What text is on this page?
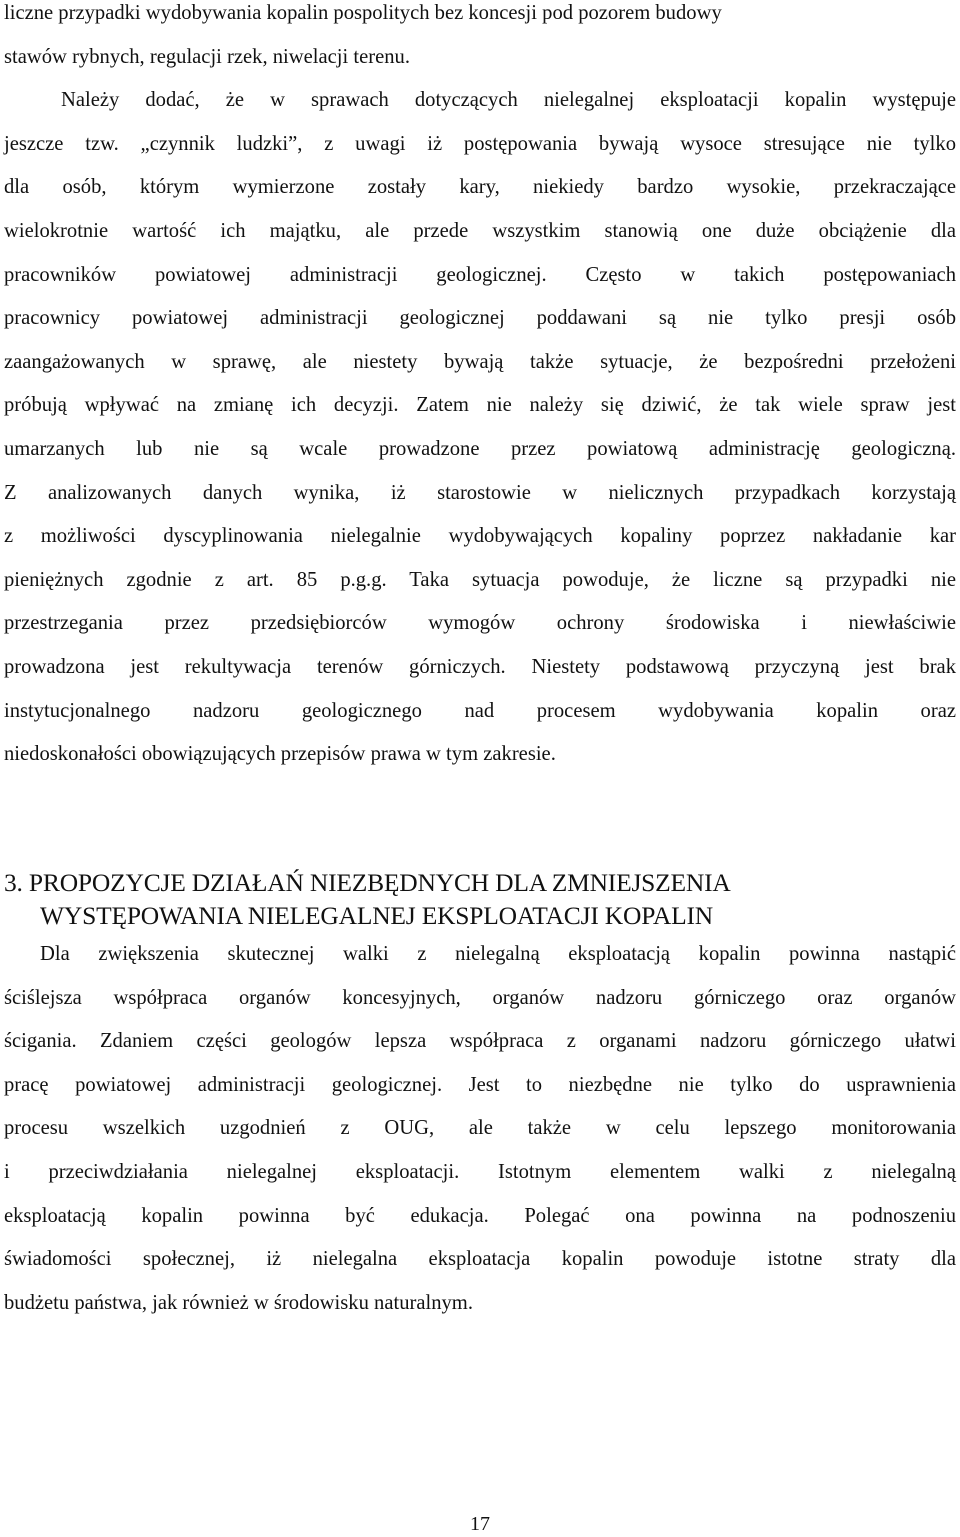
liczne przypadki wydobywania kopalin pospolitych bez koncesji pod pozorem budowy
stawów rybnych, regulacji rzek, niwelacji terenu.
Należy dodać, że w sprawach dotyczących nielegalnej eksploatacji kopalin występuje
jeszcze tzw. „czynnik ludzki”, z uwagi iż postępowania bywają wysoce stresujące nie tylko
dla osób, którym wymierzone zostały kary, niekiedy bardzo wysokie, przekraczające
wielokrotnie wartość ich majątku, ale przede wszystkim stanowią one duże obciążenie dla
pracowników powiatowej administracji geologicznej. Często w takich postępowaniach
pracownicy powiatowej administracji geologicznej poddawani są nie tylko presji osób
zaangażowanych w sprawę, ale niestety bywają także sytuacje, że bezpośredni przełożeni
próbują wpływać na zmianę ich decyzji. Zatem nie należy się dziwić, że tak wiele spraw jest
umarzanych lub nie są wcale prowadzone przez powiatową administrację geologiczną.
Z analizowanych danych wynika, iż starostowie w nielicznych przypadkach korzystają
z możliwości dyscyplinowania nielegalnie wydobywających kopaliny poprzez nakładanie kar
pieniężnych zgodnie z art. 85 p.g.g. Taka sytuacja powoduje, że liczne są przypadki nie
przestrzegania przez przedsiębiorców wymogów ochrony środowiska i niewłaściwie
prowadzona jest rekultywacja terenów górniczych. Niestety podstawową przyczyną jest brak
instytucjonalnego nadzoru geologicznego nad procesem wydobywania kopalin oraz
niedoskonałości obowiązujących przepisów prawa w tym zakresie.

3. PROPOZYCJE DZIAŁAŃ NIEZBĘDNYCH DLA ZMNIEJSZENIA
WYSTĘPOWANIA NIELEGALNEJ EKSPLOATACJI KOPALIN

Dla zwiększenia skutecznej walki z nielegalną eksploatacją kopalin powinna nastąpić
ściślejsza współpraca organów koncesyjnych, organów nadzoru górniczego oraz organów
ścigania. Zdaniem części geologów lepsza współpraca z organami nadzoru górniczego ułatwi
pracę powiatowej administracji geologicznej. Jest to niezbędne nie tylko do usprawnienia
procesu wszelkich uzgodnień z OUG, ale także w celu lepszego monitorowania
i przeciwdziałania nielegalnej eksploatacji. Istotnym elementem walki z nielegalną
eksploatacją kopalin powinna być edukacja. Polegać ona powinna na podnoszeniu
świadomości społecznej, iż nielegalna eksploatacja kopalin powoduje istotne straty dla
budżetu państwa, jak również w środowisku naturalnym.

17
